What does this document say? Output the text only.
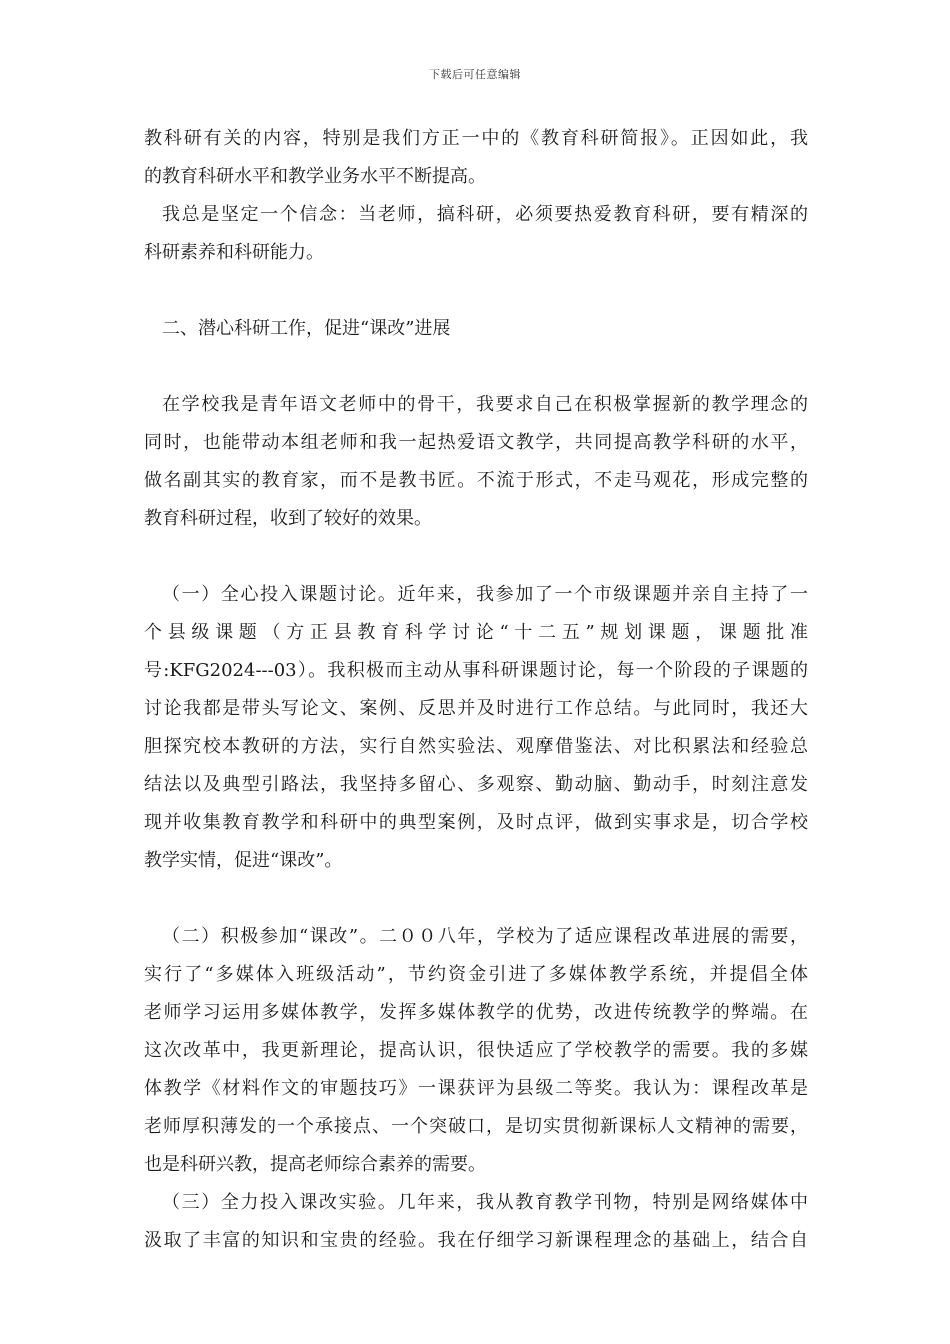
下载后可任意编辑
教科研有关的内容，特别是我们方正一中的《教育科研简报》。正因如此，我
的教育科研水平和教学业务水平不断提高。
我总是坚定一个信念：当老师，搞科研，必须要热爱教育科研，要有精深的
科研素养和科研能力。
二、潜心科研工作，促进“课改”进展
在学校我是青年语文老师中的骨干，我要求自己在积极掌握新的教学理念的
同时，也能带动本组老师和我一起热爱语文教学，共同提高教学科研的水平，
做名副其实的教育家，而不是教书匠。不流于形式，不走马观花，形成完整的
教育科研过程，收到了较好的效果。
（一）全心投入课题讨论。近年来，我参加了一个市级课题并亲自主持了一
个县级课题（方正县教育科学讨论“十二五”规划课题，课题批准
号:KFG2024---03）。我积极而主动从事科研课题讨论，每一个阶段的子课题的
讨论我都是带头写论文、案例、反思并及时进行工作总结。与此同时，我还大
胆探究校本教研的方法，实行自然实验法、观摩借鉴法、对比积累法和经验总
结法以及典型引路法，我坚持多留心、多观察、勤动脑、勤动手，时刻注意发
现并收集教育教学和科研中的典型案例，及时点评，做到实事求是，切合学校
教学实情，促进“课改”。
（二）积极参加“课改”。二００八年，学校为了适应课程改革进展的需要，
实行了“多媒体入班级活动”，节约资金引进了多媒体教学系统，并提倡全体
老师学习运用多媒体教学，发挥多媒体教学的优势，改进传统教学的弊端。在
这次改革中，我更新理论，提高认识，很快适应了学校教学的需要。我的多媒
体教学《材料作文的审题技巧》一课获评为县级二等奖。我认为：课程改革是
老师厚积薄发的一个承接点、一个突破口，是切实贯彻新课标人文精神的需要，
也是科研兴教，提高老师综合素养的需要。
（三）全力投入课改实验。几年来，我从教育教学刊物，特别是网络媒体中
汲取了丰富的知识和宝贵的经验。我在仔细学习新课程理念的基础上，结合自
